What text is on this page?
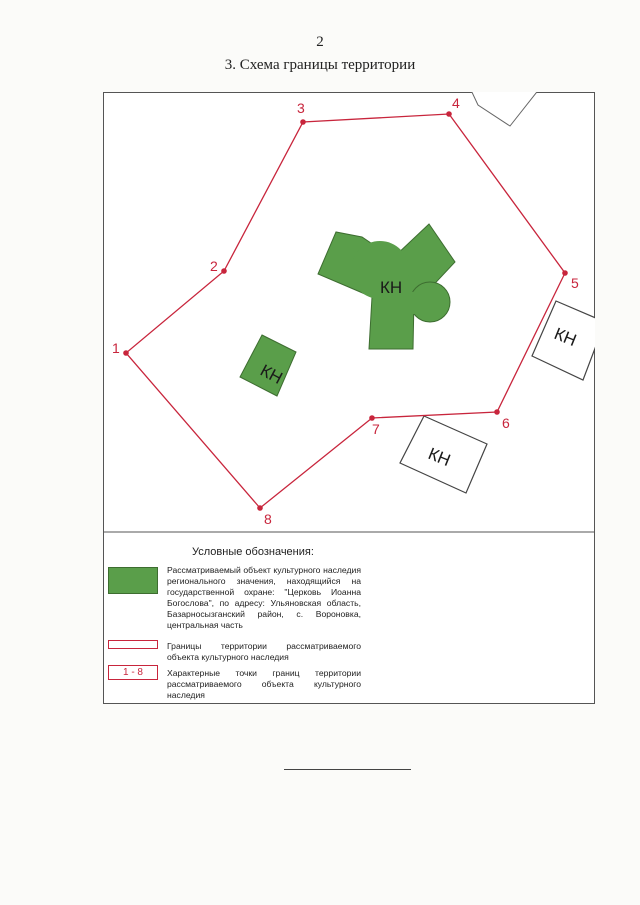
2
3. Схема границы территории
1
2
3	4
5
6
7
8
КН
КН
КН
КН
Условные обозначения:
Рассматриваемый объект культурного наследия регионального значения, находящийся на государственной охране: "Церковь Иоанна Богослова", по адресу: Ульяновская область, Базарносызганский район, с. Вороновка, центральная часть
Границы территории рассматриваемого объекта культурного наследия
1 - 8	Характерные точки границ территории рассматриваемого объекта культурного наследия
